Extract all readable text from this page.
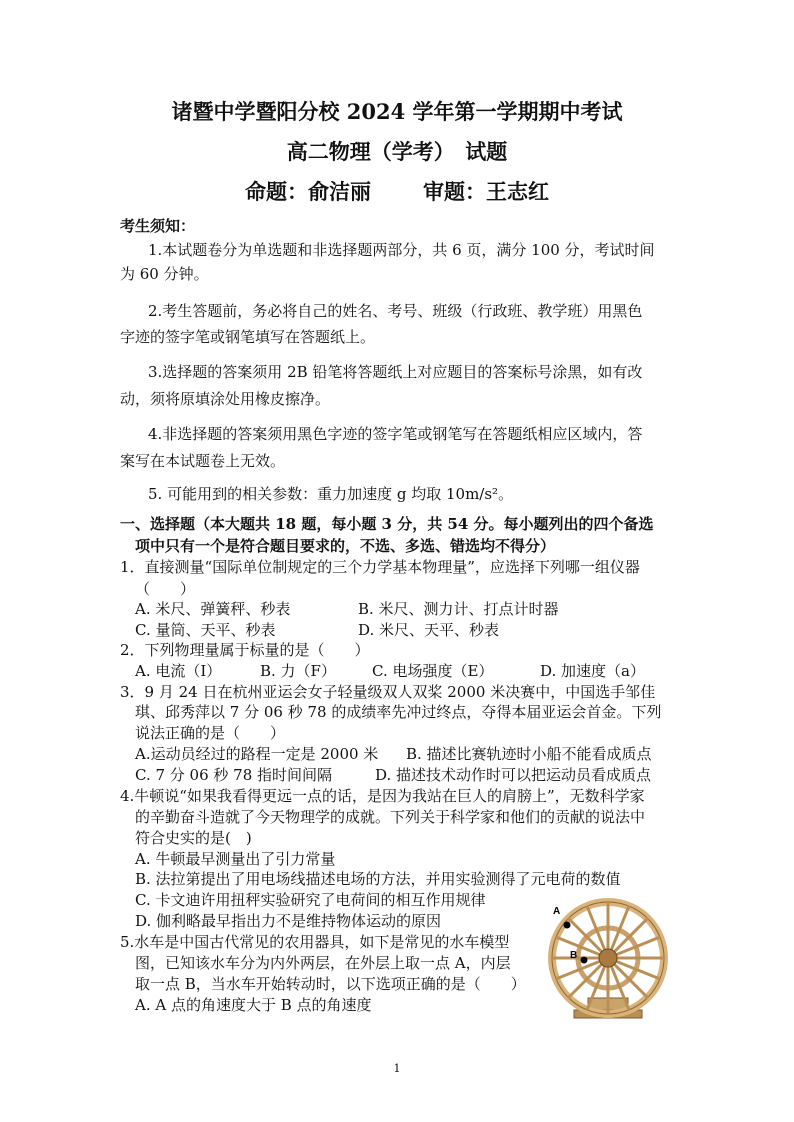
诸暨中学暨阳分校 2024 学年第一学期期中考试
高二物理（学考）　试题
命题：俞洁丽 审题：王志红
考生须知：
1.本试题卷分为单选题和非选择题两部分，共 6 页，满分 100 分，考试时间
为 60 分钟。
2.考生答题前，务必将自己的姓名、考号、班级（行政班、教学班）用黑色
字迹的签字笔或钢笔填写在答题纸上。
3.选择题的答案须用 2B 铅笔将答题纸上对应题目的答案标号涂黑，如有改
动，须将原填涂处用橡皮擦净。
4.非选择题的答案须用黑色字迹的签字笔或钢笔写在答题纸相应区域内，答
案写在本试题卷上无效。
5. 可能用到的相关参数：重力加速度 g 均取 10m/s²。
一、选择题（本大题共 18 题，每小题 3 分，共 54 分。每小题列出的四个备选
项中只有一个是符合题目要求的，不选、多选、错选均不得分）
1．直接测量“国际单位制规定的三个力学基本物理量”，应选择下列哪一组仪器
（　　）
A. 米尺、弹簧秤、秒表	B. 米尺、测力计、打点计时器
C. 量筒、天平、秒表	D. 米尺、天平、秒表
2．下列物理量属于标量的是（　　）
A. 电流（I）	B. 力（F） C. 电场强度（E）	D. 加速度（a）
3．9 月 24 日在杭州亚运会女子轻量级双人双桨 2000 米决赛中，中国选手邹佳
琪、邱秀萍以 7 分 06 秒 78 的成绩率先冲过终点，夺得本届亚运会首金。下列
说法正确的是（　　）
A.运动员经过的路程一定是 2000 米 B. 描述比赛轨迹时小船不能看成质点
C. 7 分 06 秒 78 指时间间隔	D. 描述技术动作时可以把运动员看成质点
4.牛顿说“如果我看得更远一点的话，是因为我站在巨人的肩膀上”，无数科学家
的辛勤奋斗造就了今天物理学的成就。下列关于科学家和他们的贡献的说法中
符合史实的是(　)
A. 牛顿最早测量出了引力常量
B. 法拉第提出了用电场线描述电场的方法，并用实验测得了元电荷的数值
C. 卡文迪许用扭秤实验研究了电荷间的相互作用规律
D. 伽利略最早指出力不是维持物体运动的原因
5.水车是中国古代常见的农用器具，如下是常见的水车模型
图，已知该水车分为内外两层，在外层上取一点 A，内层
取一点 B，当水车开始转动时，以下选项正确的是（　　）
A. A 点的角速度大于 B 点的角速度
A
B
1
